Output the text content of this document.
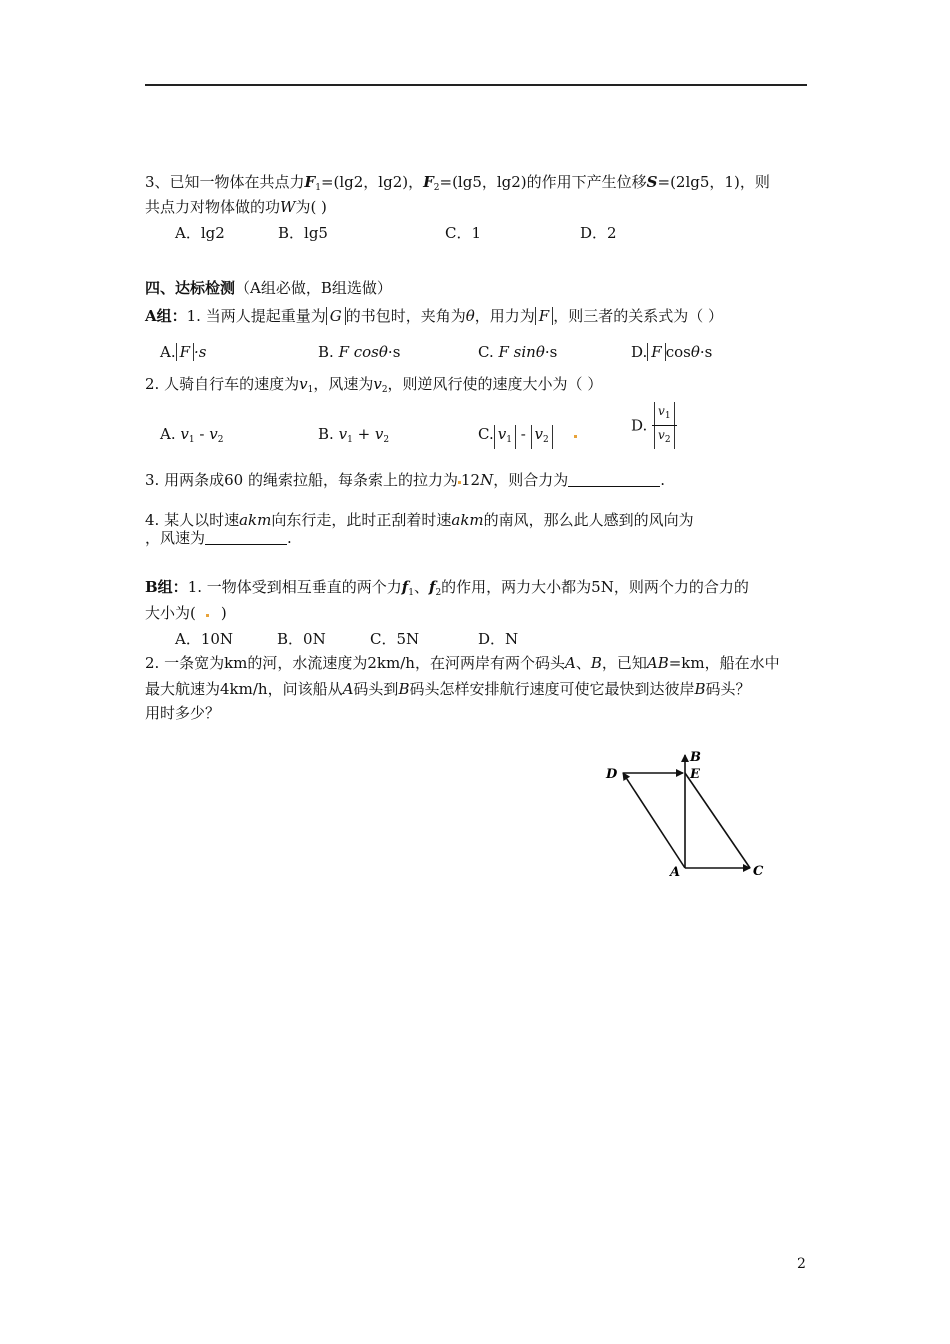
3、已知一物体在共点力$F_1=(\lg 2$，lg2)，$F_2=(\lg 5$，lg2)的作用下产生位移S=(2lg5，1)，则
共点力对物体做的功W为( )
A．lg2	B．lg5	C．1	D．2
四、达标检测（A组必做，B组选做）
A组：1. 当两人提起重量为 G 的书包时，夹角为θ，用力为 F ，则三者的关系式为（ ）
A. F ·s	B. F cosθ·s	C. F sinθ·s	D. F cosθ·s
2. 人骑自行车的速度为$v_1$，风速为$v_2$，则逆风行使的速度大小为（ ）
A. $v_1 - v_2$	B. $v_1 + v_2$	C. $v_1 - v_2$
D. $\frac{v_1}{v_2}$
3. 用两条成60 的绳索拉船，每条索上的拉力为 12N，则合力为	.
4. 某人以时速akm向东行走，此时正刮着时速akm的南风，那么此人感到的风向为
，风速为	.
B组：1. 一物体受到相互垂直的两个力$f_1$、$f_2$的作用，两力大小都为5N，则两个力的合力的
大小为( )
A．10N	B．0N	C．5N	D．N
2. 一条宽为km的河，水流速度为2km/h，在河两岸有两个码头A、B，已知AB=km，船在水中
最大航速为4km/h，问该船从A码头到B码头怎样安排航行速度可使它最快到达彼岸B码头？
用时多少？
B
E
D
A	C
2
